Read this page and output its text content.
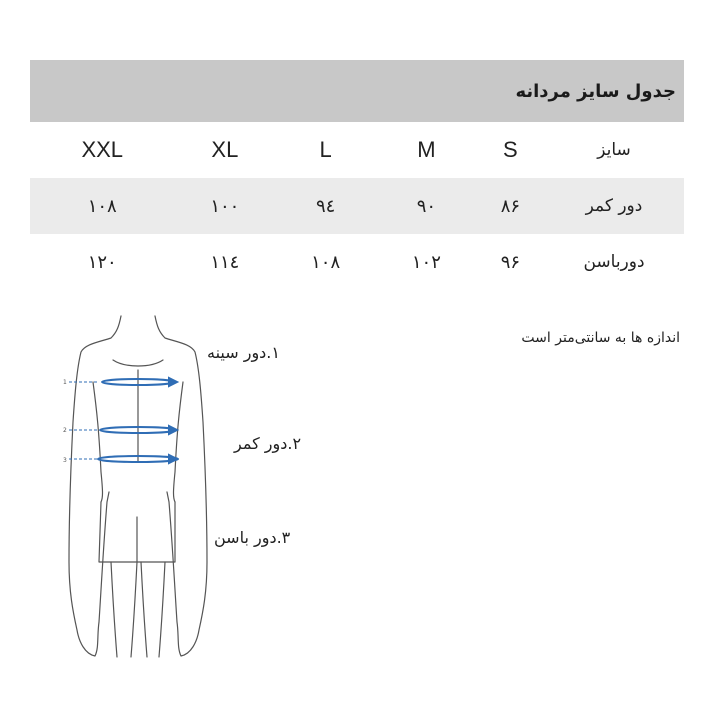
جدول سایز مردانه
XXL	XL	L	M	S	سایز
١٠٨	١٠٠	٩٤	٩٠	٨۶	دور کمر
١٢٠	١١٤	١٠٨	١٠٢	٩۶	دورباسن
اندازه ها به سانتی‌متر است
1
2
3
۱.دور سینه
۲.دور کمر
۳.دور باسن
